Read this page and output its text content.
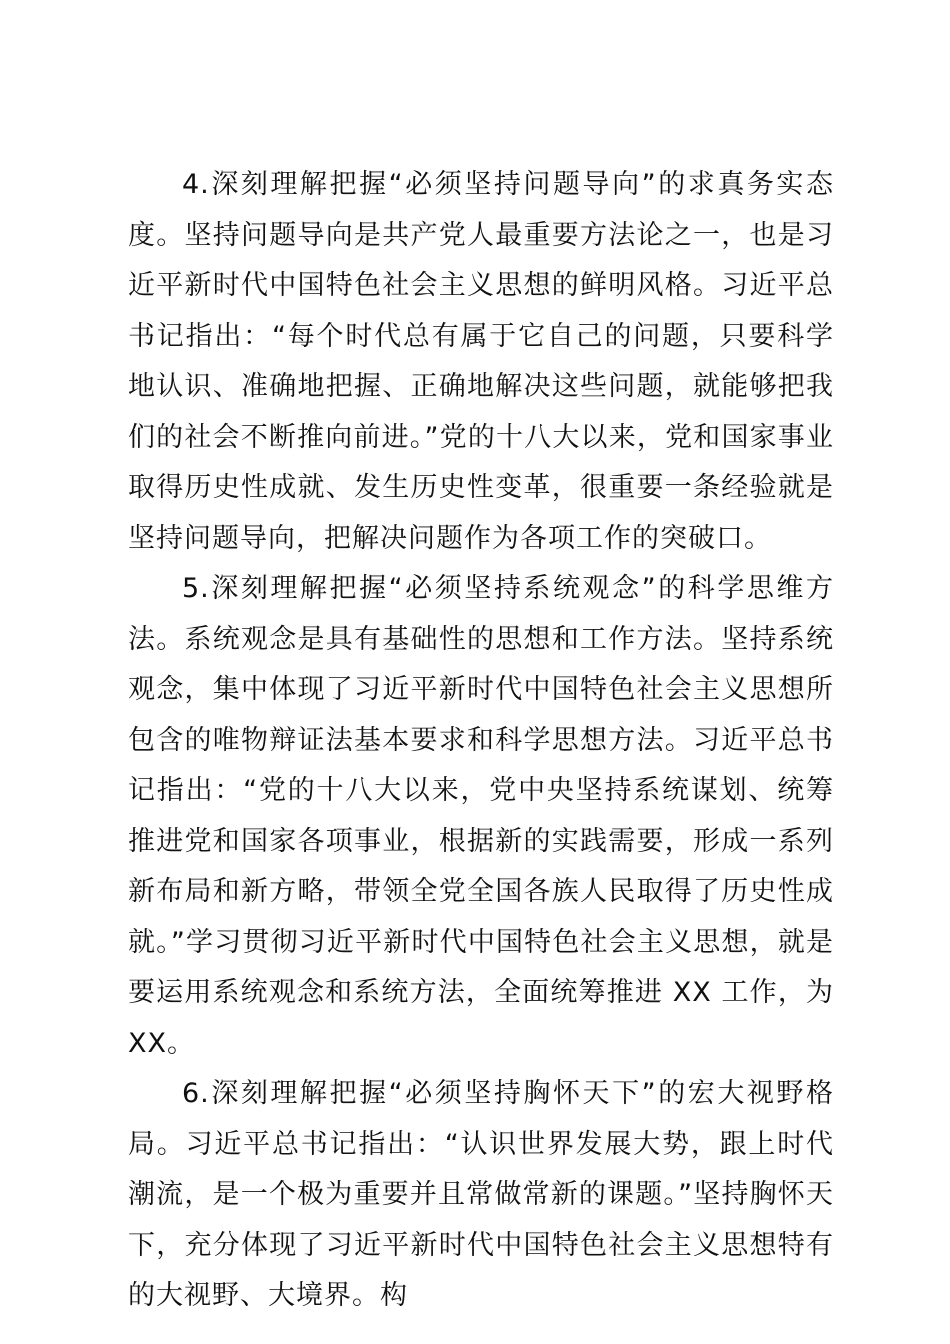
4.深刻理解把握“必须坚持问题导向”的求真务实态度。坚持问题导向是共产党人最重要方法论之一，也是习近平新时代中国特色社会主义思想的鲜明风格。习近平总书记指出：“每个时代总有属于它自己的问题，只要科学地认识、准确地把握、正确地解决这些问题，就能够把我们的社会不断推向前进。”党的十八大以来，党和国家事业取得历史性成就、发生历史性变革，很重要一条经验就是坚持问题导向，把解决问题作为各项工作的突破口。

5.深刻理解把握“必须坚持系统观念”的科学思维方法。系统观念是具有基础性的思想和工作方法。坚持系统观念，集中体现了习近平新时代中国特色社会主义思想所包含的唯物辩证法基本要求和科学思想方法。习近平总书记指出：“党的十八大以来，党中央坚持系统谋划、统筹推进党和国家各项事业，根据新的实践需要，形成一系列新布局和新方略，带领全党全国各族人民取得了历史性成就。”学习贯彻习近平新时代中国特色社会主义思想，就是要运用系统观念和系统方法，全面统筹推进 XX 工作，为 XX。

6.深刻理解把握“必须坚持胸怀天下”的宏大视野格局。习近平总书记指出：“认识世界发展大势，跟上时代潮流，是一个极为重要并且常做常新的课题。”坚持胸怀天下，充分体现了习近平新时代中国特色社会主义思想特有的大视野、大境界。构
